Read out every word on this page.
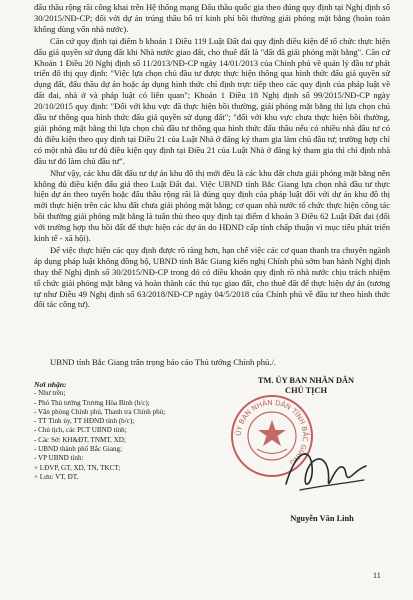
đấu thầu rộng rãi công khai trên Hệ thống mạng Đấu thầu quốc gia theo đúng quy định tại Nghị định số 30/2015/NĐ-CP; đối với dự án trúng thầu bố trí kinh phí bồi thường giải phóng mặt bằng (hoàn toàn không dùng vốn nhà nước).

Căn cứ quy định tại điểm b khoản 1 Điều 119 Luật Đất đai quy định điều kiện để tổ chức thực hiện đấu giá quyền sử dụng đất khi Nhà nước giao đất, cho thuê đất là "đất đã giải phóng mặt bằng". Căn cứ Khoản 1 Điều 20 Nghị định số 11/2013/NĐ-CP ngày 14/01/2013 của Chính phủ về quản lý đầu tư phát triển đô thị quy định: "Việc lựa chọn chủ đầu tư được thực hiện thông qua hình thức đấu giá quyền sử dụng đất, đấu thầu dự án hoặc áp dụng hình thức chỉ định trực tiếp theo các quy định của pháp luật về đất đai, nhà ở và pháp luật có liên quan"; Khoản 1 Điều 18 Nghị định số 99/2015/NĐ-CP ngày 20/10/2015 quy định: "Đối với khu vực đã thực hiện bồi thường, giải phóng mặt bằng thì lựa chọn chủ đầu tư thông qua hình thức đấu giá quyền sử dụng đất"; "đối với khu vực chưa thực hiện bồi thường, giải phóng mặt bằng thì lựa chọn chủ đầu tư thông qua hình thức đấu thầu nếu có nhiều nhà đầu tư có đủ điều kiện theo quy định tại Điều 21 của Luật Nhà ở đăng ký tham gia làm chủ đầu tư; trường hợp chỉ có một nhà đầu tư đủ điều kiện quy định tại Điều 21 của Luật Nhà ở đăng ký tham gia thì chỉ định nhà đầu tư đó làm chủ đầu tư".

Như vậy, các khu đất đấu tư dự án khu đô thị mới đều là các khu đất chưa giải phóng mặt bằng nên không đủ điều kiện đấu giá theo Luật Đất đai. Việc UBND tỉnh Bắc Giang lựa chọn nhà đầu tư thực hiện dự án theo tuyển hoặc đấu thầu rộng rãi là đúng quy định của pháp luật đối với dự án khu đô thị mới thực hiện trên các khu đất chưa giải phóng mặt bằng; cơ quan nhà nước tổ chức thực hiện công tác bồi thường giải phóng mặt bằng là tuân thủ theo quy định tại điểm d khoản 3 Điều 62 Luật Đất đai (đối với trường hợp thu hồi đất để thực hiện các dự án do HĐND cấp tỉnh chấp thuận vì mục tiêu phát triển kinh tế - xã hội).

Để việc thực hiện các quy định được rõ ràng hơn, hạn chế việc các cơ quan thanh tra chuyên ngành áp dụng pháp luật không đồng bộ, UBND tỉnh Bắc Giang kiến nghị Chính phủ sớm ban hành Nghị định thay thế Nghị định số 30/2015/NĐ-CP trong đó có điều khoản quy định rõ nhà nước chịu trách nhiệm tổ chức giải phóng mặt bằng và hoàn thành các thủ tục giao đất, cho thuê đất để thực hiện dự án (tương tự như Điều 49 Nghị định số 63/2018/NĐ-CP ngày 04/5/2018 của Chính phủ về đầu tư theo hình thức đối tác công tư).

UBND tỉnh Bắc Giang trân trọng báo cáo Thủ tướng Chính phủ./.
Nơi nhận:
- Như trên;
- Phó Thủ tướng Trương Hòa Bình (b/c);
- Văn phòng Chính phủ, Thanh tra Chính phủ;
- TT Tỉnh ủy, TT HĐND tỉnh (b/c);
- Chủ tịch, các PCT UBND tỉnh;
- Các Sở: KH&ĐT, TNMT, XD;
- UBND thành phố Bắc Giang;
- VP UBND tỉnh:
+ LĐVP, GT, XD, TN, TKCT;
+ Lưu: VT, ĐT.
TM. ỦY BAN NHÂN DÂN
CHỦ TỊCH
ỦY BAN NHÂN DÂN TỈNH BẮC GIANG
Nguyễn Văn Linh
11
